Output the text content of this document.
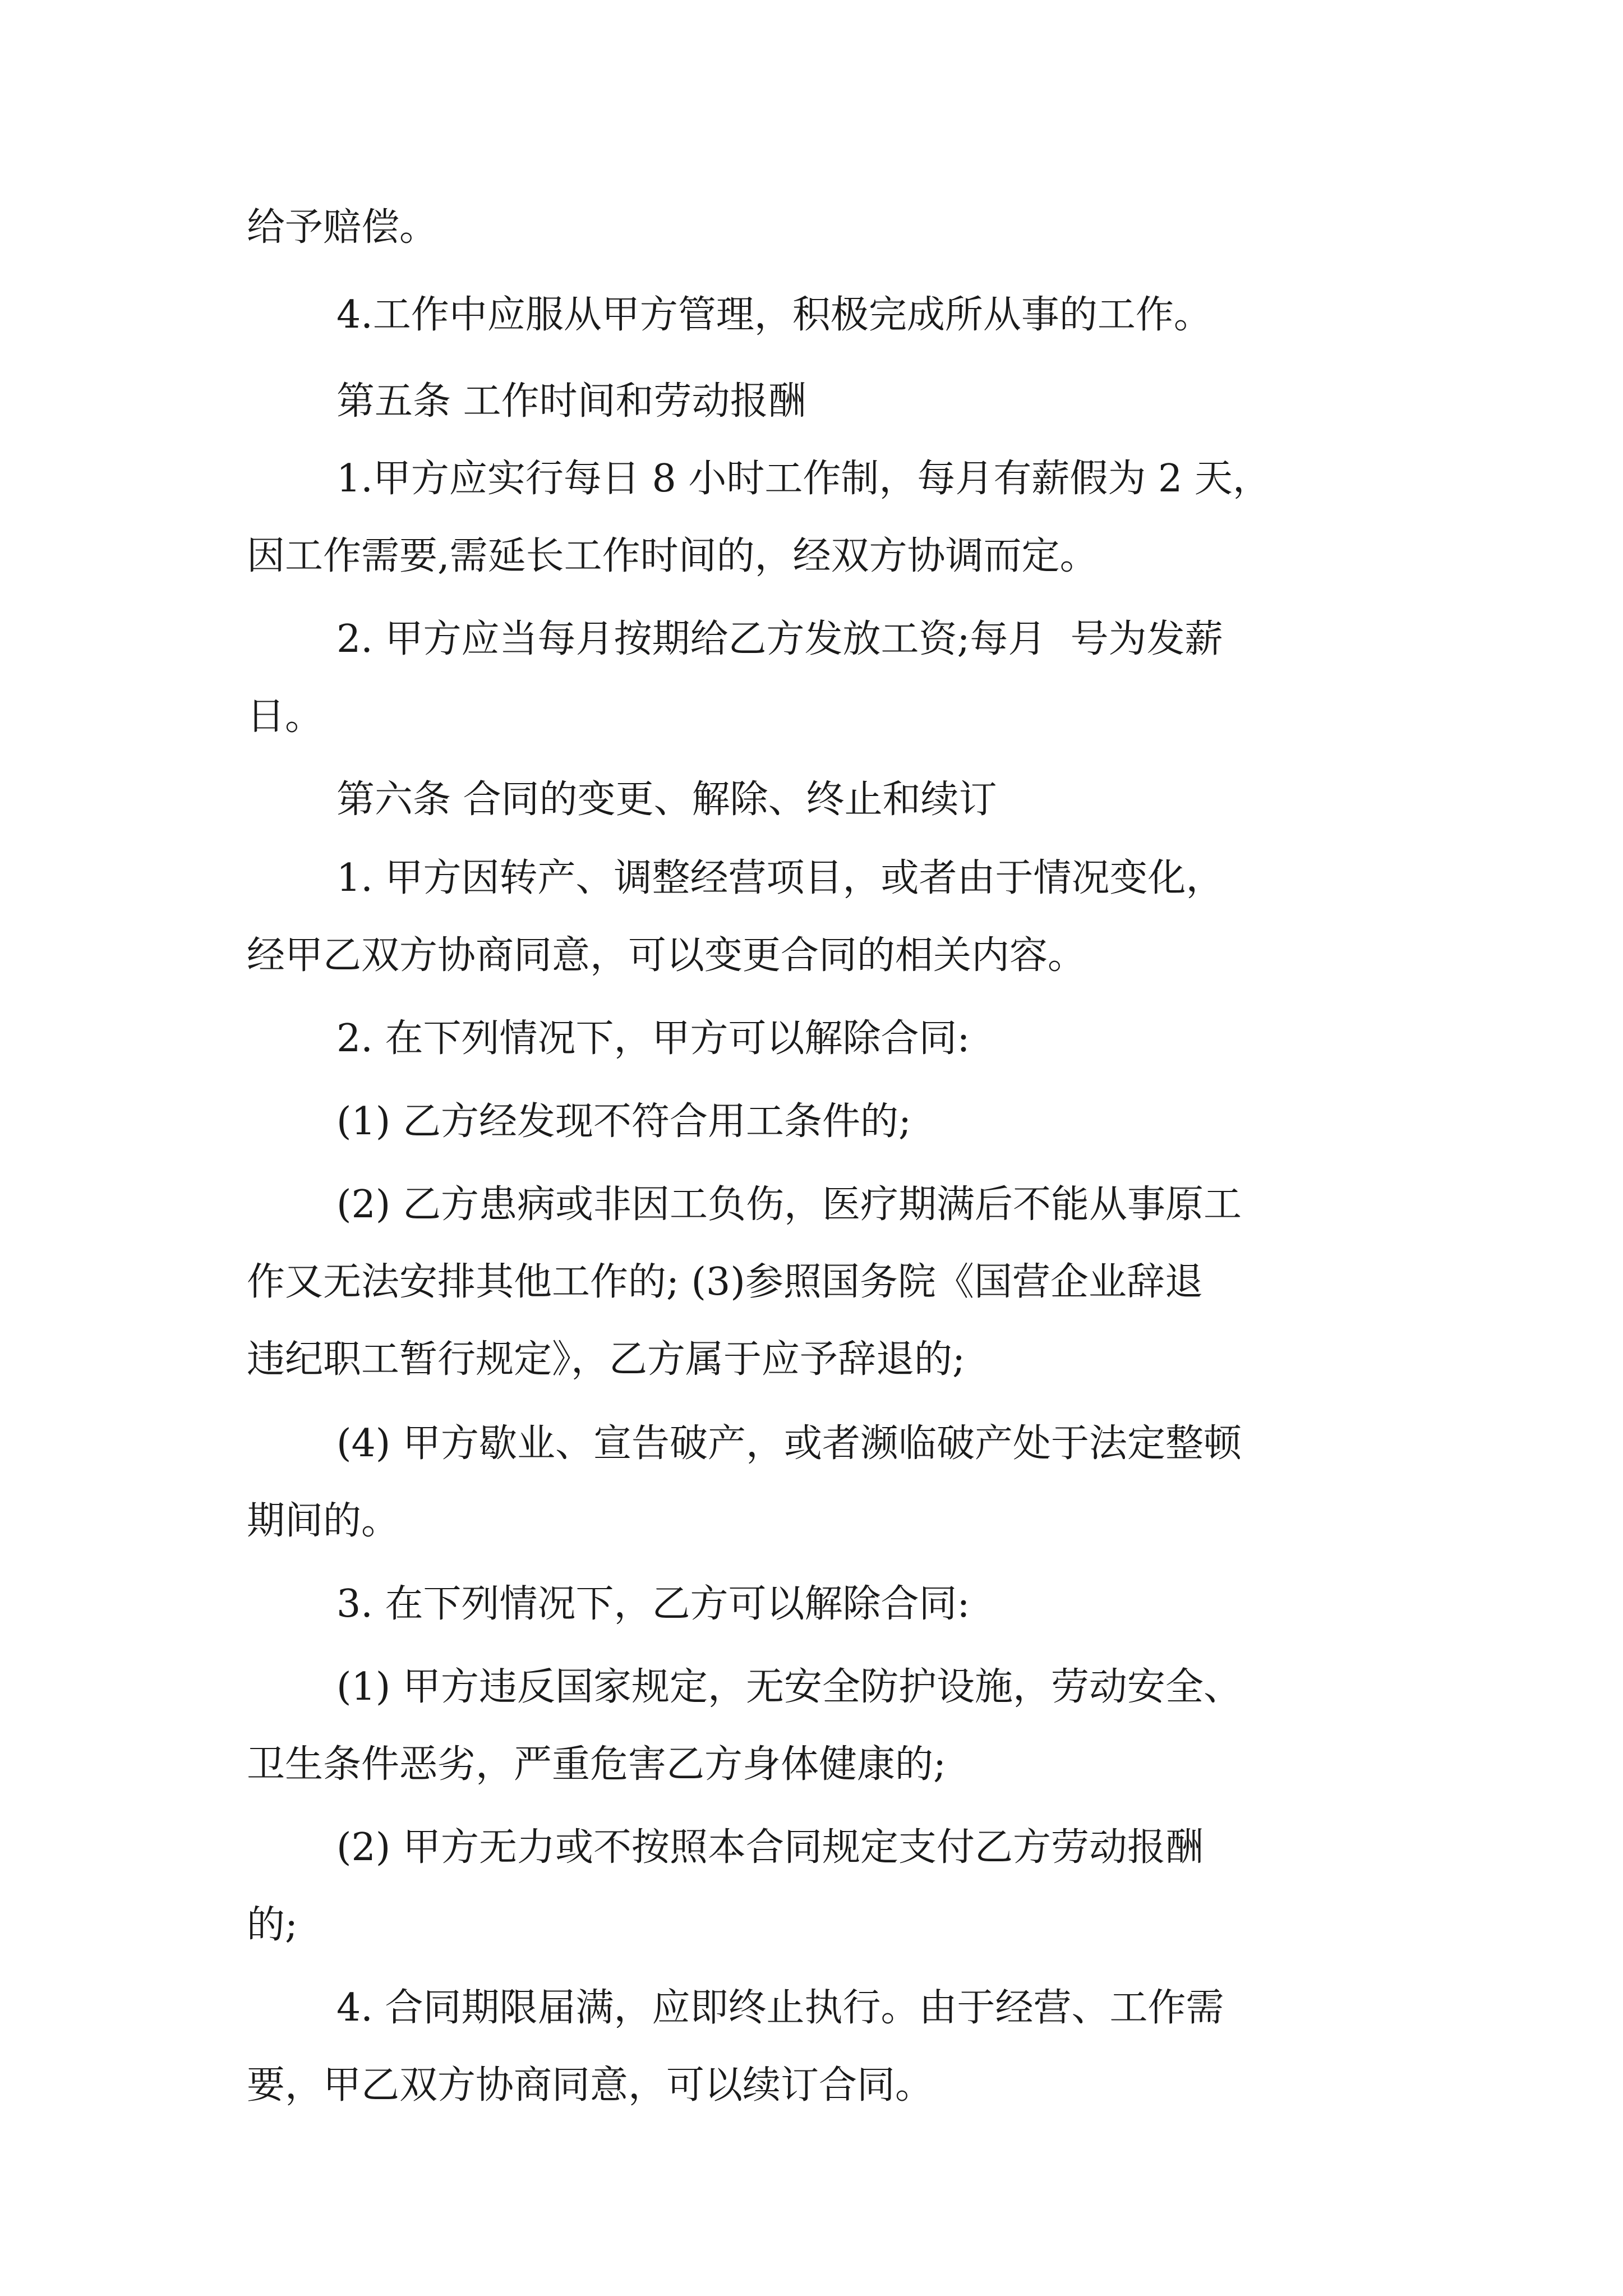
给予赔偿。

4.工作中应服从甲方管理，积极完成所从事的工作。

第五条 工作时间和劳动报酬

1.甲方应实行每日 8 小时工作制，每月有薪假为 2 天，

因工作需要,需延长工作时间的，经双方协调而定。

2. 甲方应当每月按期给乙方发放工资;每月  号为发薪

日。

第六条 合同的变更、解除、终止和续订

1. 甲方因转产、调整经营项目，或者由于情况变化，

经甲乙双方协商同意，可以变更合同的相关内容。

2. 在下列情况下，甲方可以解除合同:

(1) 乙方经发现不符合用工条件的;

(2) 乙方患病或非因工负伤，医疗期满后不能从事原工

作又无法安排其他工作的; (3)参照国务院《国营企业辞退

违纪职工暂行规定》，乙方属于应予辞退的;

(4) 甲方歇业、宣告破产，或者濒临破产处于法定整顿

期间的。

3. 在下列情况下，乙方可以解除合同:

(1) 甲方违反国家规定，无安全防护设施，劳动安全、

卫生条件恶劣，严重危害乙方身体健康的;

(2) 甲方无力或不按照本合同规定支付乙方劳动报酬

的;

4. 合同期限届满，应即终止执行。由于经营、工作需

要，甲乙双方协商同意，可以续订合同。
